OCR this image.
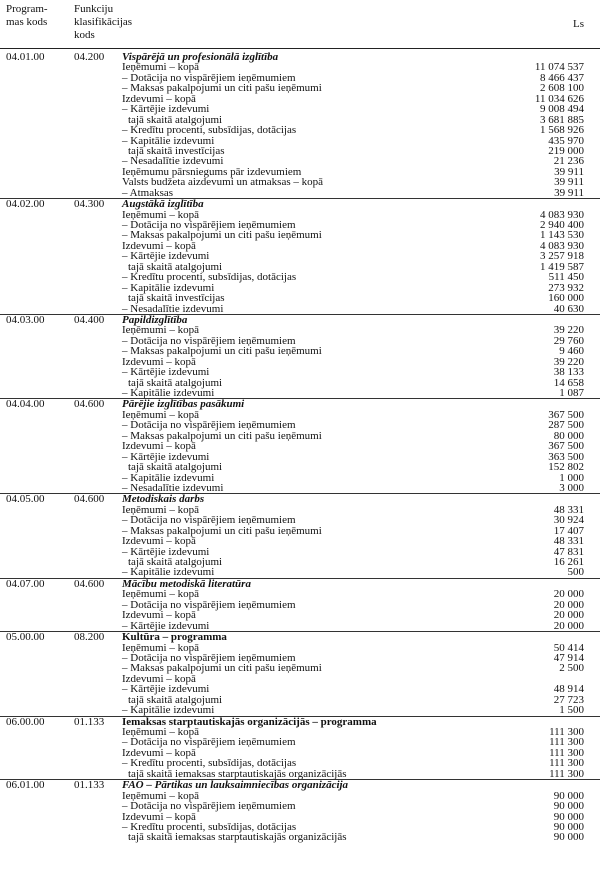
Program-
mas kods
Funkciju
klasifikācijas
kods
Ls
04.01.00	04.200 Vispārējā un profesionālā izglītība
Ieņēmumi – kopā	11 074 537
– Dotācija no vispārējiem ieņēmumiem	8 466 437
– Maksas pakalpojumi un citi pašu ieņēmumi	2 608 100
Izdevumi – kopā	11 034 626
– Kārtējie izdevumi	9 008 494
tajā skaitā atalgojumi	3 681 885
– Kredītu procenti, subsīdijas, dotācijas	1 568 926
– Kapitālie izdevumi	435 970
tajā skaitā investīcijas	219 000
– Nesadalītie izdevumi	21 236
Ieņēmumu pārsniegums pār izdevumiem	39 911
Valsts budžeta aizdevumi un atmaksas – kopā	39 911
– Atmaksas	39 911
04.02.00	04.300 Augstākā izglītība
Ieņēmumi – kopā	4 083 930
– Dotācija no vispārējiem ieņēmumiem	2 940 400
– Maksas pakalpojumi un citi pašu ieņēmumi	1 143 530
Izdevumi – kopā	4 083 930
– Kārtējie izdevumi	3 257 918
tajā skaitā atalgojumi	1 419 587
– Kredītu procenti, subsīdijas, dotācijas	511 450
– Kapitālie izdevumi	273 932
tajā skaitā investīcijas	160 000
– Nesadalītie izdevumi	40 630
04.03.00	04.400 Papildizglītība
Ieņēmumi – kopā	39 220
– Dotācija no vispārējiem ieņēmumiem	29 760
– Maksas pakalpojumi un citi pašu ieņēmumi	9 460
Izdevumi – kopā	39 220
– Kārtējie izdevumi	38 133
tajā skaitā atalgojumi	14 658
– Kapitālie izdevumi	1 087
04.04.00	04.600 Pārējie izglītības pasākumi
Ieņēmumi – kopā	367 500
– Dotācija no vispārējiem ieņēmumiem	287 500
– Maksas pakalpojumi un citi pašu ieņēmumi	80 000
Izdevumi – kopā	367 500
– Kārtējie izdevumi	363 500
tajā skaitā atalgojumi	152 802
– Kapitālie izdevumi	1 000
– Nesadalītie izdevumi	3 000
04.05.00	04.600 Metodiskais darbs
Ieņēmumi – kopā	48 331
– Dotācija no vispārējiem ieņēmumiem	30 924
– Maksas pakalpojumi un citi pašu ieņēmumi	17 407
Izdevumi – kopā	48 331
– Kārtējie izdevumi	47 831
tajā skaitā atalgojumi	16 261
– Kapitālie izdevumi	500
04.07.00	04.600 Mācību metodiskā literatūra
Ieņēmumi – kopā	20 000
– Dotācija no vispārējiem ieņēmumiem	20 000
Izdevumi – kopā	20 000
– Kārtējie izdevumi	20 000
05.00.00	08.200 Kultūra – programma
Ieņēmumi – kopā	50 414
– Dotācija no vispārējiem ieņēmumiem	47 914
– Maksas pakalpojumi un citi pašu ieņēmumi	2 500
Izdevumi – kopā
– Kārtējie izdevumi	48 914
tajā skaitā atalgojumi	27 723
– Kapitālie izdevumi	1 500
06.00.00	01.133 Iemaksas starptautiskajās organizācijās – programma
Ieņēmumi – kopā	111 300
– Dotācija no vispārējiem ieņēmumiem	111 300
Izdevumi – kopā	111 300
– Kredītu procenti, subsīdijas, dotācijas	111 300
tajā skaitā iemaksas starptautiskajās organizācijās	111 300
06.01.00	01.133 FAO – Pārtikas un lauksaimniecības organizācija
Ieņēmumi – kopā	90 000
– Dotācija no vispārējiem ieņēmumiem	90 000
Izdevumi – kopā	90 000
– Kredītu procenti, subsīdijas, dotācijas	90 000
tajā skaitā iemaksas starptautiskajās organizācijās	90 000
